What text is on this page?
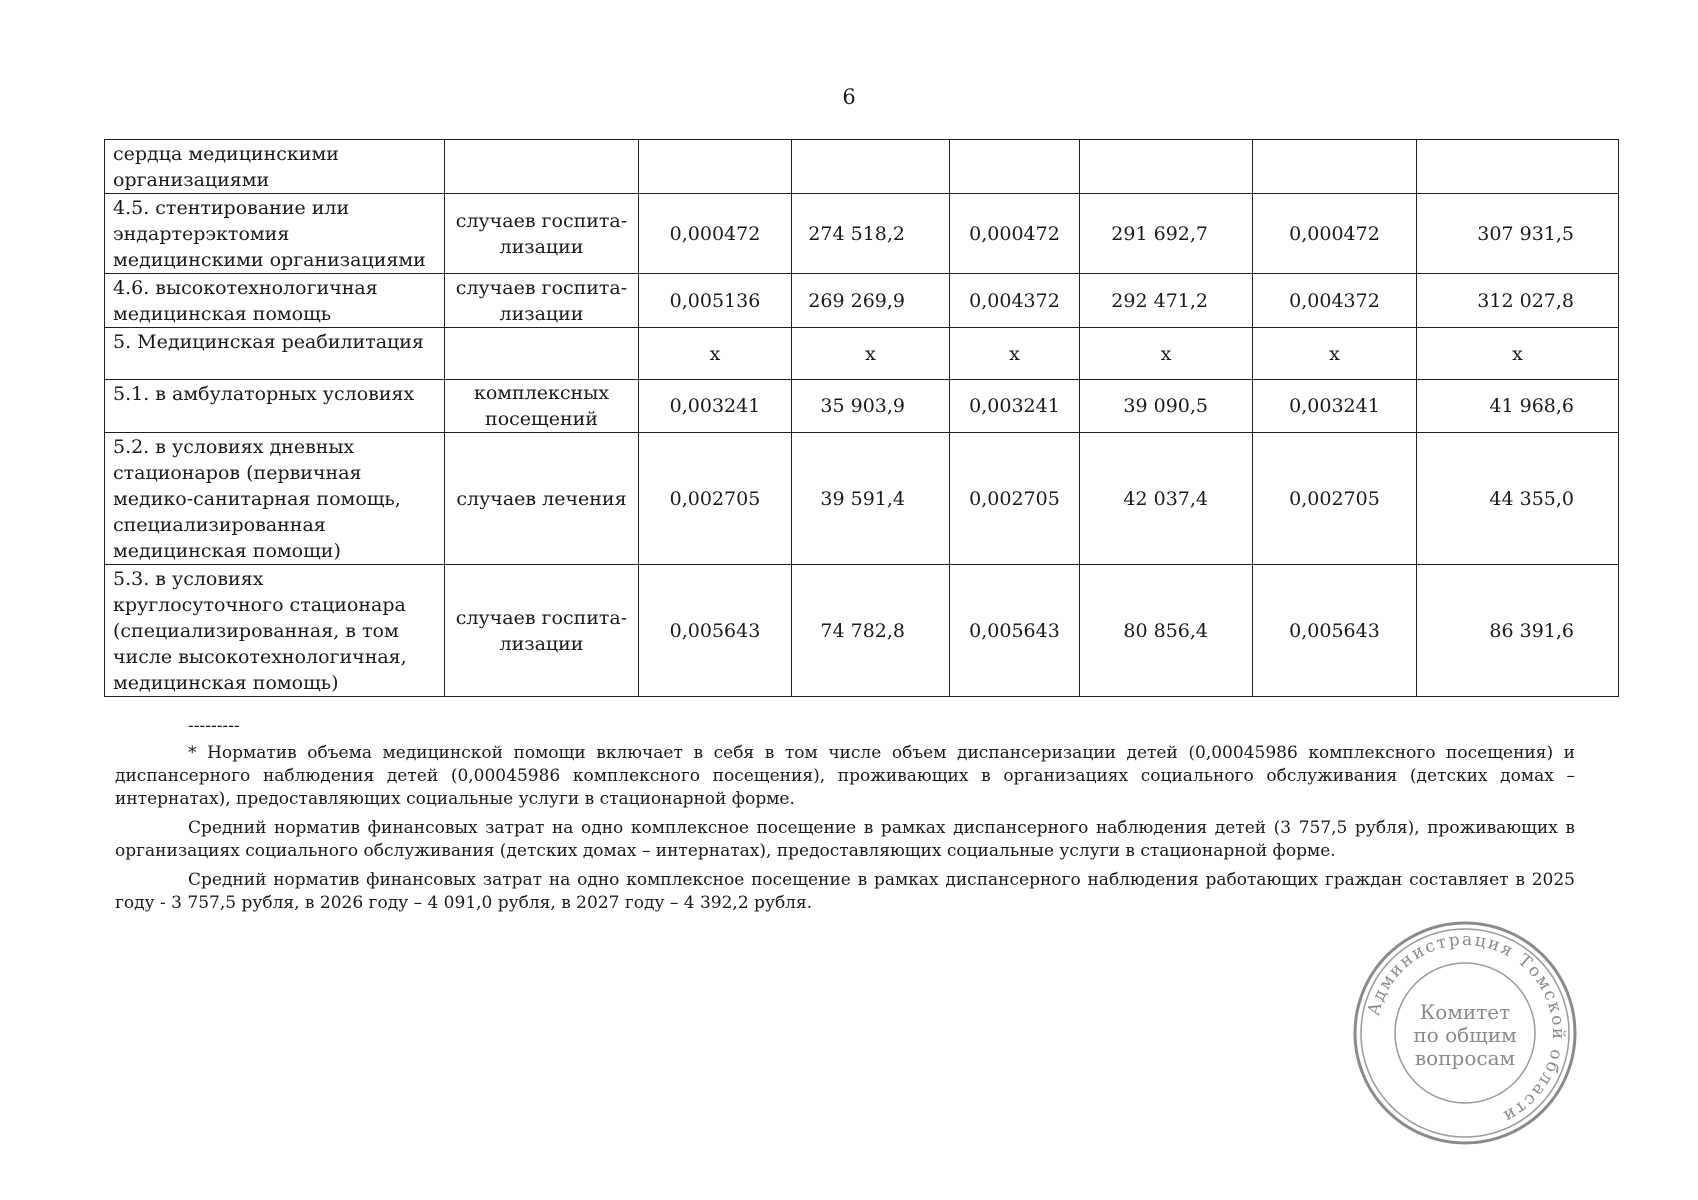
6
сердца медицинскими организациями							
4.5. стентирование или эндартерэктомия медицинскими организациями	случаев госпита-лизации	0,000472	274 518,2	0,000472	291 692,7	0,000472	307 931,5
4.6. высокотехнологичная медицинская помощь	случаев госпита-лизации	0,005136	269 269,9	0,004372	292 471,2	0,004372	312 027,8
5. Медицинская реабилитация		х	х	х	х	х	х
5.1. в амбулаторных условиях	комплексных посещений	0,003241	35 903,9	0,003241	39 090,5	0,003241	41 968,6
5.2. в условиях дневных стационаров (первичная медико-санитарная помощь, специализированная медицинская помощи)	случаев лечения	0,002705	39 591,4	0,002705	42 037,4	0,002705	44 355,0
5.3. в условиях круглосуточного стационара (специализированная, в том числе высокотехнологичная, медицинская помощь)	случаев госпита-лизации	0,005643	74 782,8	0,005643	80 856,4	0,005643	86 391,6
---------

* Норматив объема медицинской помощи включает в себя в том числе объем диспансеризации детей (0,00045986 комплексного посещения) и диспансерного наблюдения детей (0,00045986 комплексного посещения), проживающих в организациях социального обслуживания (детских домах – интернатах), предоставляющих социальные услуги в стационарной форме.

Средний норматив финансовых затрат на одно комплексное посещение в рамках диспансерного наблюдения детей (3 757,5 рубля), проживающих в организациях социального обслуживания (детских домах – интернатах), предоставляющих социальные услуги в стационарной форме.

Средний норматив финансовых затрат на одно комплексное посещение в рамках диспансерного наблюдения работающих граждан составляет в 2025 году - 3 757,5 рубля, в 2026 году – 4 091,0 рубля, в 2027 году – 4 392,2 рубля.

Администрация Томской области
Комитет
по общим
вопросам
